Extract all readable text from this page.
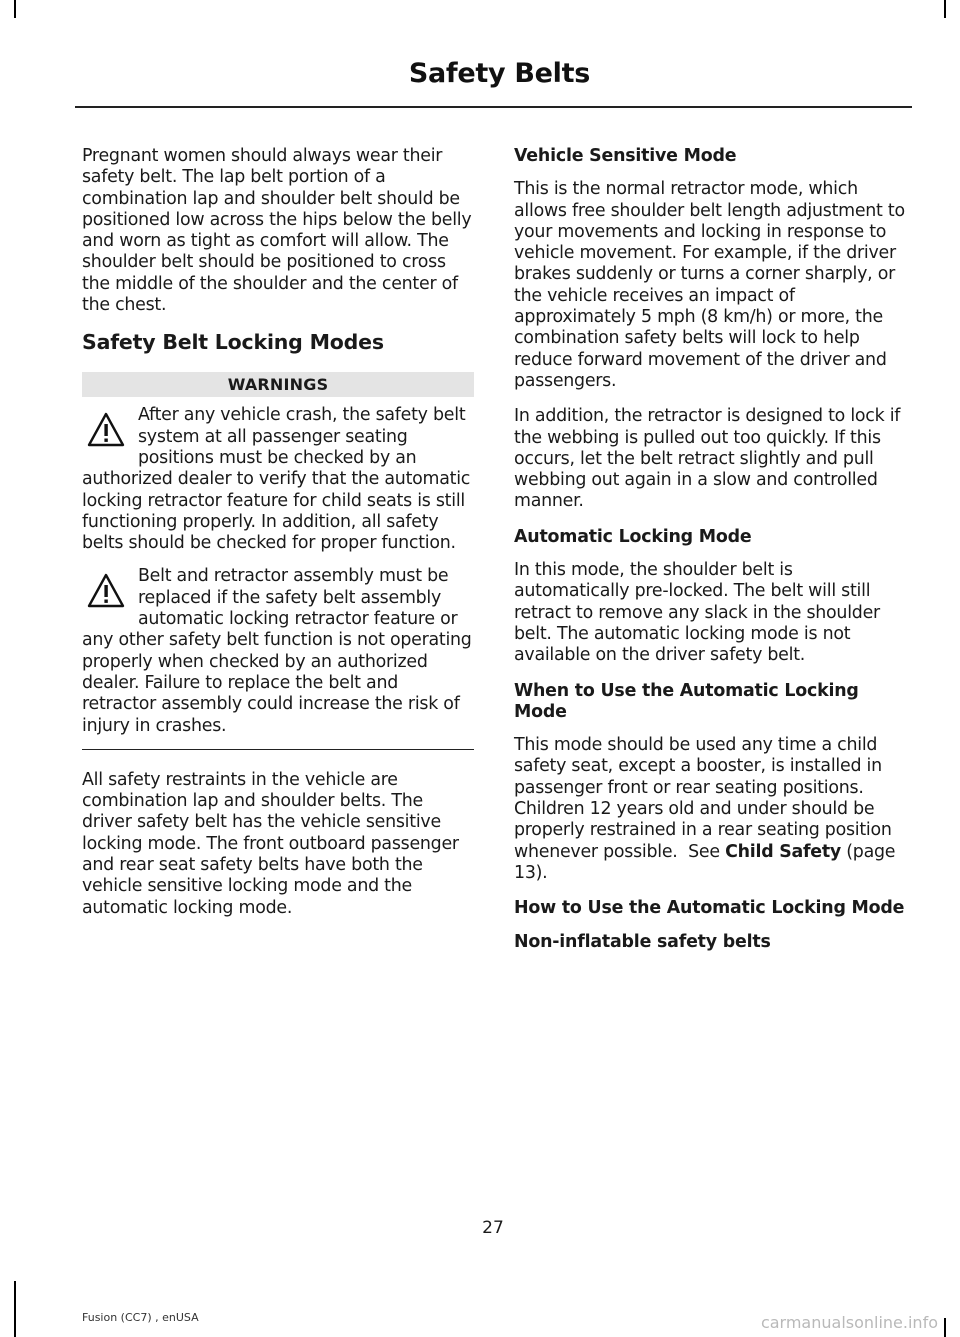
Safety Belts

Pregnant women should always wear their safety belt. The lap belt portion of a combination lap and shoulder belt should be positioned low across the hips below the belly and worn as tight as comfort will allow. The shoulder belt should be positioned to cross the middle of the shoulder and the center of the chest.

Safety Belt Locking Modes
WARNINGS
After any vehicle crash, the safety belt system at all passenger seating positions must be checked by an authorized dealer to verify that the automatic locking retractor feature for child seats is still functioning properly. In addition, all safety belts should be checked for proper function.
Belt and retractor assembly must be replaced if the safety belt assembly automatic locking retractor feature or any other safety belt function is not operating properly when checked by an authorized dealer. Failure to replace the belt and retractor assembly could increase the risk of injury in crashes.

All safety restraints in the vehicle are combination lap and shoulder belts. The driver safety belt has the vehicle sensitive locking mode. The front outboard passenger and rear seat safety belts have both the vehicle sensitive locking mode and the automatic locking mode.

Vehicle Sensitive Mode

This is the normal retractor mode, which allows free shoulder belt length adjustment to your movements and locking in response to vehicle movement. For example, if the driver brakes suddenly or turns a corner sharply, or the vehicle receives an impact of approximately 5 mph (8 km/h) or more, the combination safety belts will lock to help reduce forward movement of the driver and passengers.

In addition, the retractor is designed to lock if the webbing is pulled out too quickly. If this occurs, let the belt retract slightly and pull webbing out again in a slow and controlled manner.

Automatic Locking Mode

In this mode, the shoulder belt is automatically pre-locked. The belt will still retract to remove any slack in the shoulder belt. The automatic locking mode is not available on the driver safety belt.

When to Use the Automatic Locking Mode

This mode should be used any time a child safety seat, except a booster, is installed in passenger front or rear seating positions. Children 12 years old and under should be properly restrained in a rear seating position whenever possible. See Child Safety (page 13).

How to Use the Automatic Locking Mode
Non-inflatable safety belts
27
Fusion (CC7) , enUSA	carmanualsonline.info
